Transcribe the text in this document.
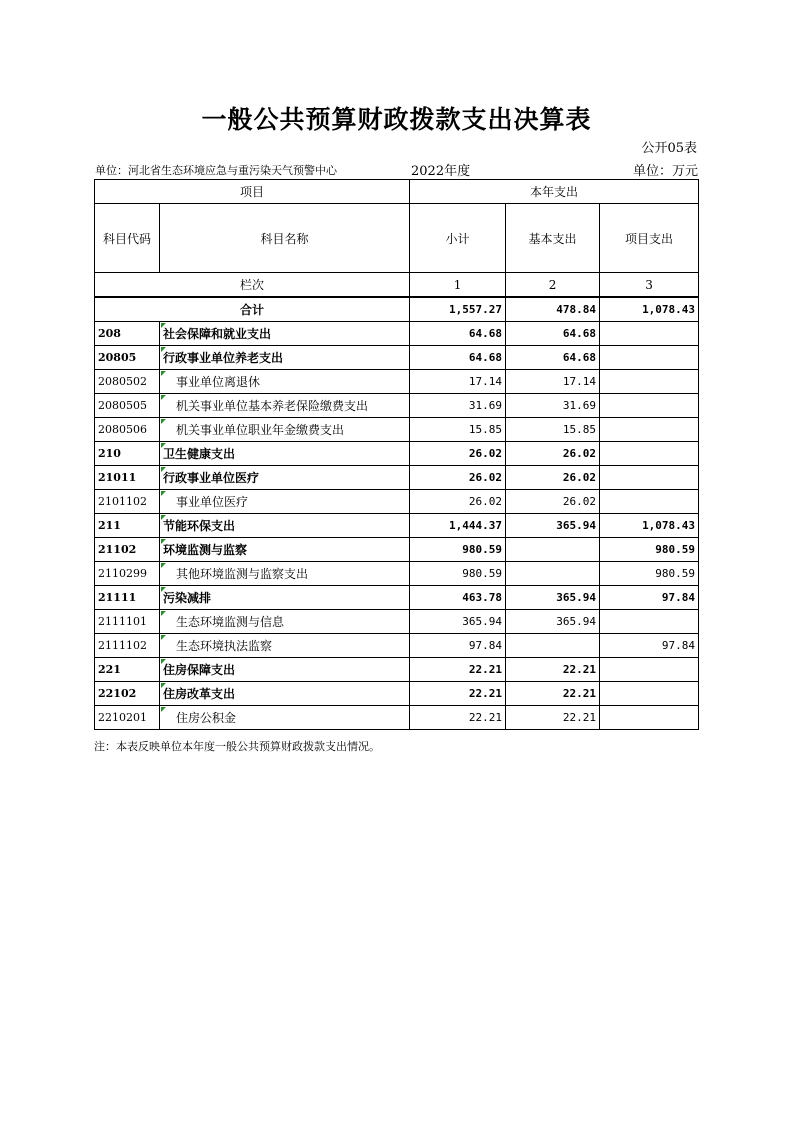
一般公共预算财政拨款支出决算表
公开05表
单位：河北省生态环境应急与重污染天气预警中心	2022年度	单位：万元
项目		本年支出		
科目代码	科目名称	小计	基本支出	项目支出
栏次		1	2	3
合计		1,557.27	478.84	1,078.43
208	社会保障和就业支出	64.68	64.68	
20805	行政事业单位养老支出	64.68	64.68	
2080502	事业单位离退休	17.14	17.14	
2080505	机关事业单位基本养老保险缴费支出	31.69	31.69	
2080506	机关事业单位职业年金缴费支出	15.85	15.85	
210	卫生健康支出	26.02	26.02	
21011	行政事业单位医疗	26.02	26.02	
2101102	事业单位医疗	26.02	26.02	
211	节能环保支出	1,444.37	365.94	1,078.43
21102	环境监测与监察	980.59		980.59
2110299	其他环境监测与监察支出	980.59		980.59
21111	污染减排	463.78	365.94	97.84
2111101	生态环境监测与信息	365.94	365.94	
2111102	生态环境执法监察	97.84		97.84
221	住房保障支出	22.21	22.21	
22102	住房改革支出	22.21	22.21	
2210201	住房公积金	22.21	22.21	
注：本表反映单位本年度一般公共预算财政拨款支出情况。
